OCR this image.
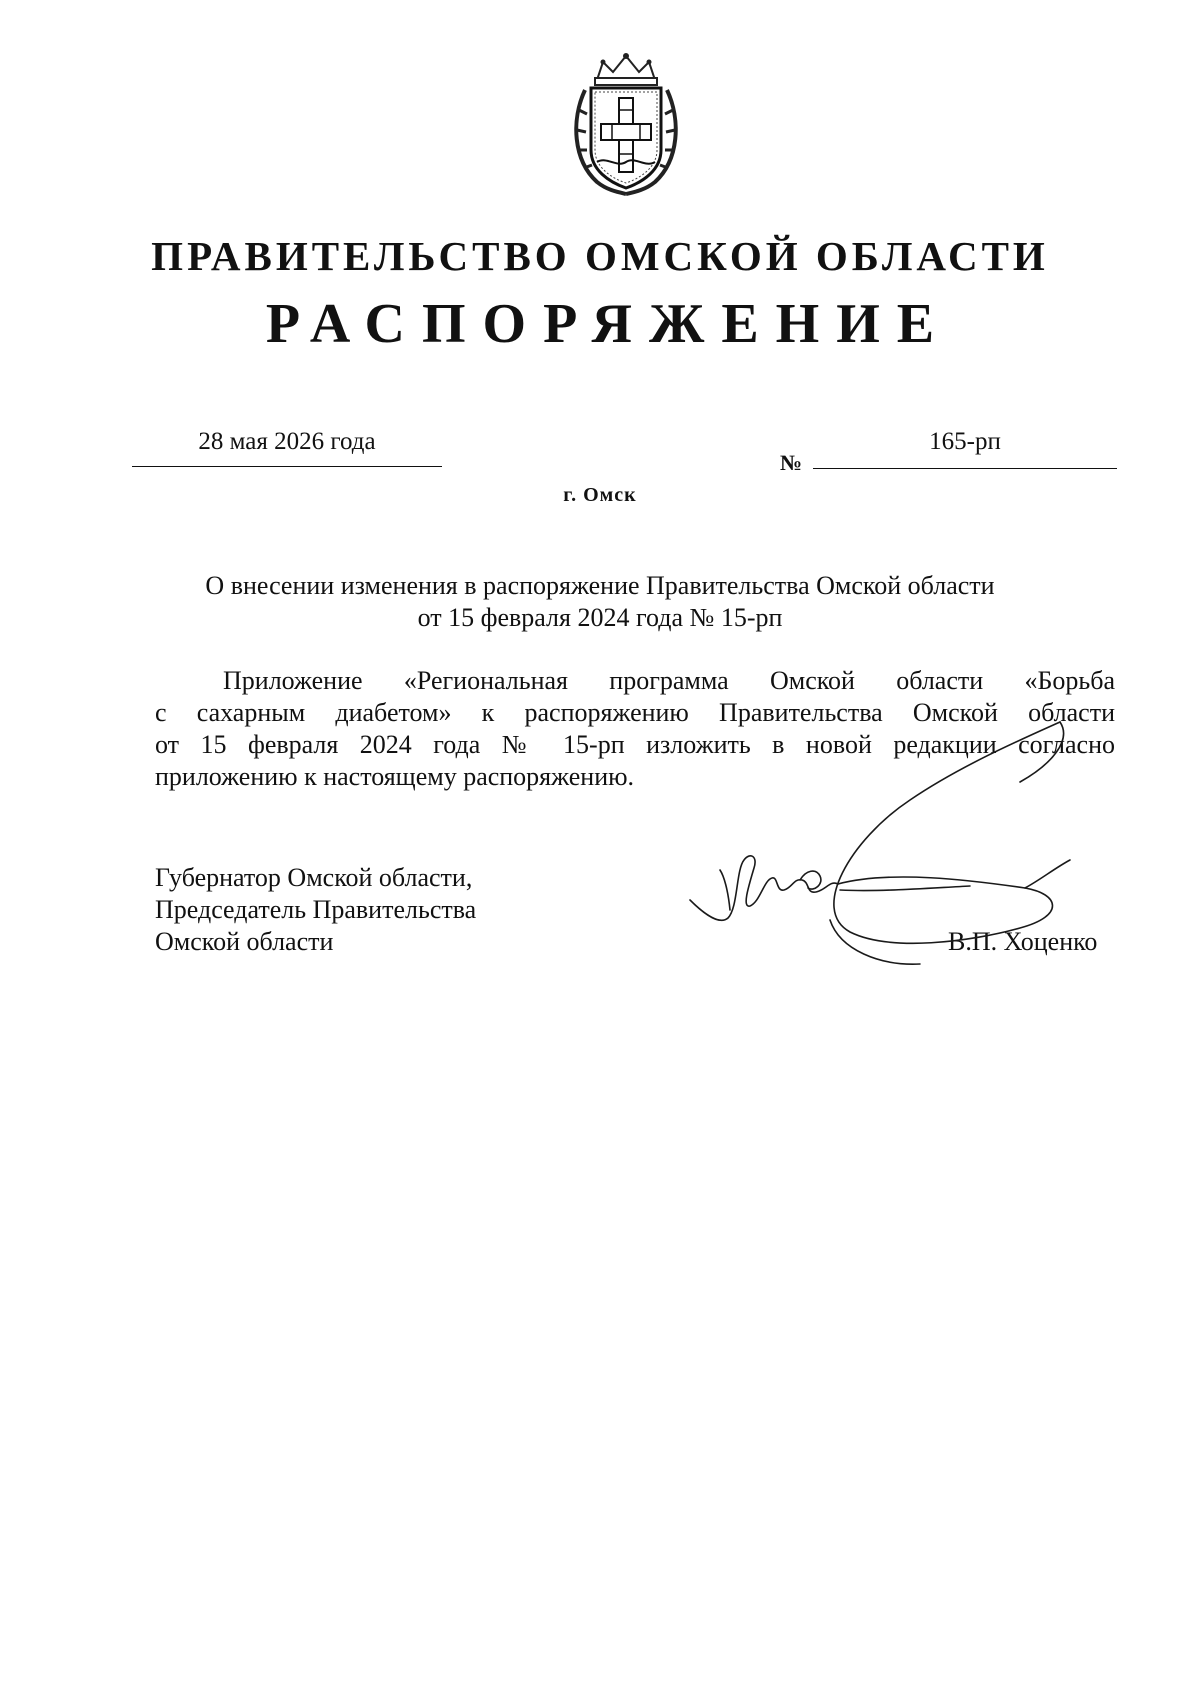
ПРАВИТЕЛЬСТВО ОМСКОЙ ОБЛАСТИ
РАСПОРЯЖЕНИЕ
28 мая 2026 года
№
165-рп
г. Омск
О внесении изменения в распоряжение Правительства Омской области
от 15 февраля 2024 года № 15-рп
Приложение «Региональная программа Омской области «Борьба
с сахарным диабетом» к распоряжению Правительства Омской области
от 15 февраля 2024 года № 15-рп изложить в новой редакции согласно
приложению к настоящему распоряжению.
Губернатор Омской области,
Председатель Правительства
Омской области	В.П. Хоценко
